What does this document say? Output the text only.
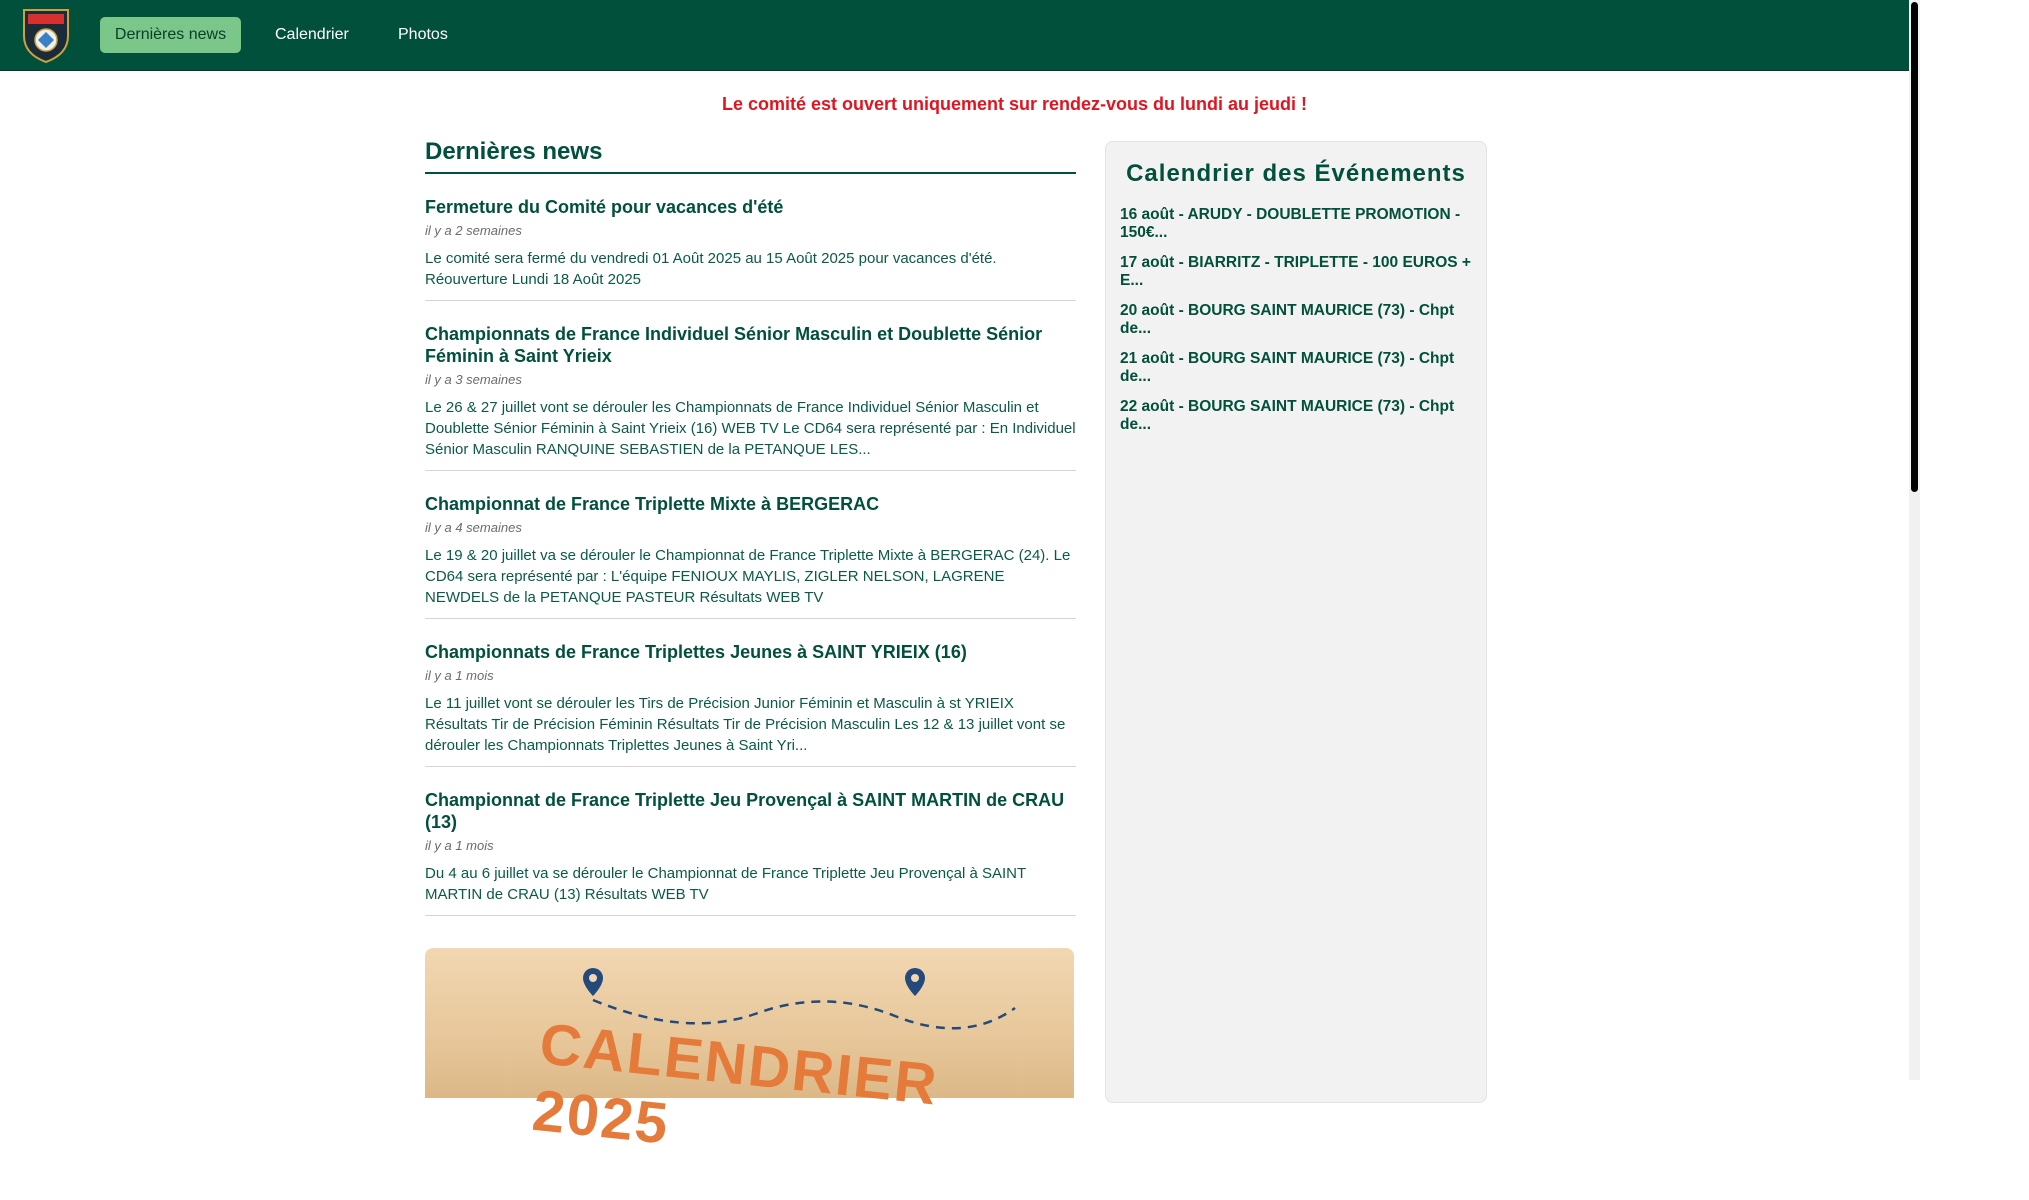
Dernières news	Calendrier	Photos
Le comité est ouvert uniquement sur rendez-vous du lundi au jeudi !
Dernières news
Fermeture du Comité pour vacances d'été
il y a 2 semaines
Le comité sera fermé du vendredi 01 Août 2025 au 15 Août 2025 pour vacances d'été. Réouverture Lundi 18 Août 2025
Championnats de France Individuel Sénior Masculin et Doublette Sénior Féminin à Saint Yrieix
il y a 3 semaines
Le 26 & 27 juillet vont se dérouler les Championnats de France Individuel Sénior Masculin et Doublette Sénior Féminin à Saint Yrieix (16) WEB TV Le CD64 sera représenté par : En Individuel Sénior Masculin RANQUINE SEBASTIEN de la PETANQUE LES...
Championnat de France Triplette Mixte à BERGERAC
il y a 4 semaines
Le 19 & 20 juillet va se dérouler le Championnat de France Triplette Mixte à BERGERAC (24). Le CD64 sera représenté par : L'équipe FENIOUX MAYLIS, ZIGLER NELSON, LAGRENE NEWDELS de la PETANQUE PASTEUR Résultats WEB TV
Championnats de France Triplettes Jeunes à SAINT YRIEIX (16)
il y a 1 mois
Le 11 juillet vont se dérouler les Tirs de Précision Junior Féminin et Masculin à st YRIEIX Résultats Tir de Précision Féminin Résultats Tir de Précision Masculin Les 12 & 13 juillet vont se dérouler les Championnats Triplettes Jeunes à Saint Yri...
Championnat de France Triplette Jeu Provençal à SAINT MARTIN de CRAU (13)
il y a 1 mois
Du 4 au 6 juillet va se dérouler le Championnat de France Triplette Jeu Provençal à SAINT MARTIN de CRAU (13) Résultats WEB TV
CALENDRIER 2025
Calendrier des Événements
16 août - ARUDY - DOUBLETTE PROMOTION - 150€...
17 août - BIARRITZ - TRIPLETTE - 100 EUROS + E...
20 août - BOURG SAINT MAURICE (73) - Chpt de...
21 août - BOURG SAINT MAURICE (73) - Chpt de...
22 août - BOURG SAINT MAURICE (73) - Chpt de...
